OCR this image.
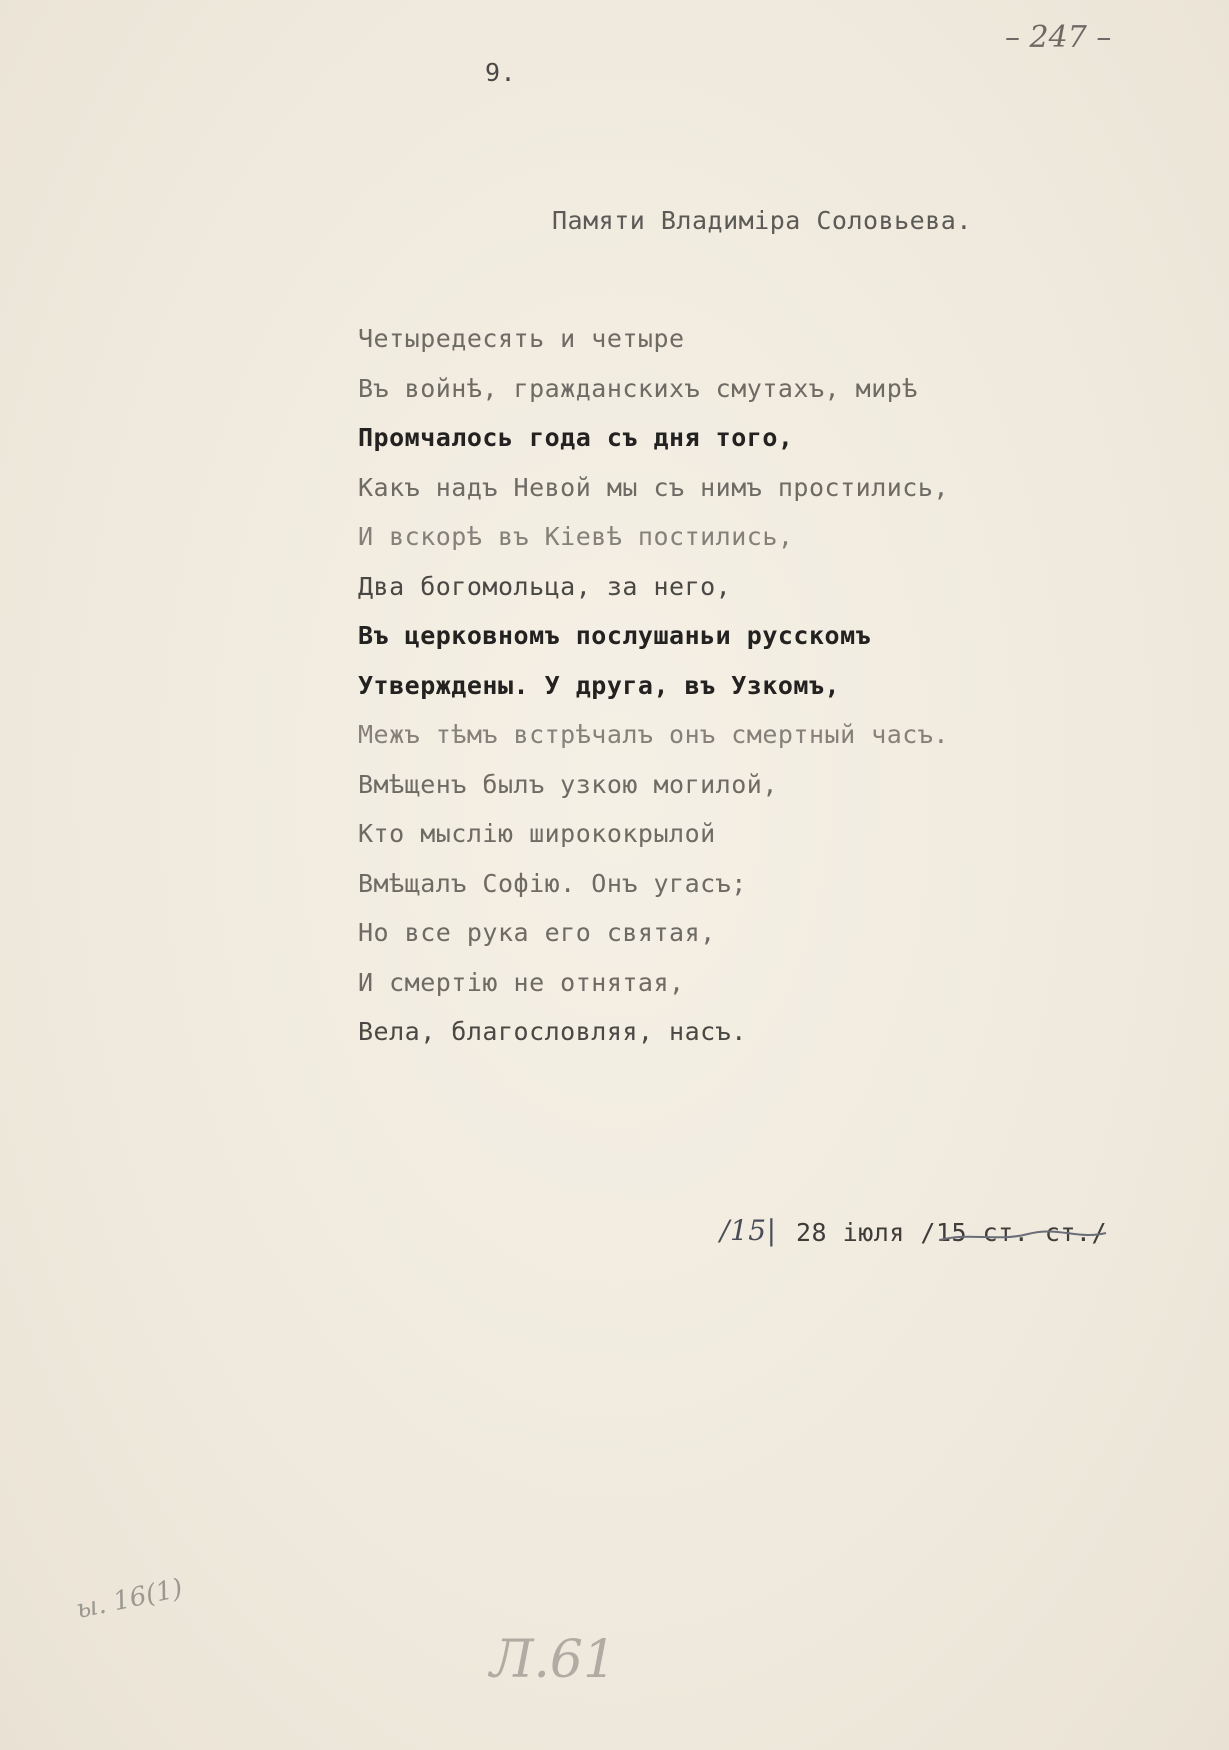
– 247 –
9.
Памяти Владимiра Соловьева.
Четыредесять и четыре
Въ войнѣ, гражданскихъ смутахъ, мирѣ
Промчалось года съ дня того,
Какъ надъ Невой мы съ нимъ простились,
И вскорѣ въ Кiевѣ постились,
Два богомольца, за него,
Въ церковномъ послушаньи русскомъ
Утверждены. У друга, въ Узкомъ,
Межъ тѣмъ встрѣчалъ онъ смертный часъ.
Вмѣщенъ былъ узкою могилой,
Кто мыслiю ширококрылой
Вмѣщалъ Софiю. Онъ угасъ;
Но все рука его святая,
И смертiю не отнятая,
Вела, благословляя, насъ.
/15| 28 iюля /15 ст. ст./
ы. 16(1)
Л.61
